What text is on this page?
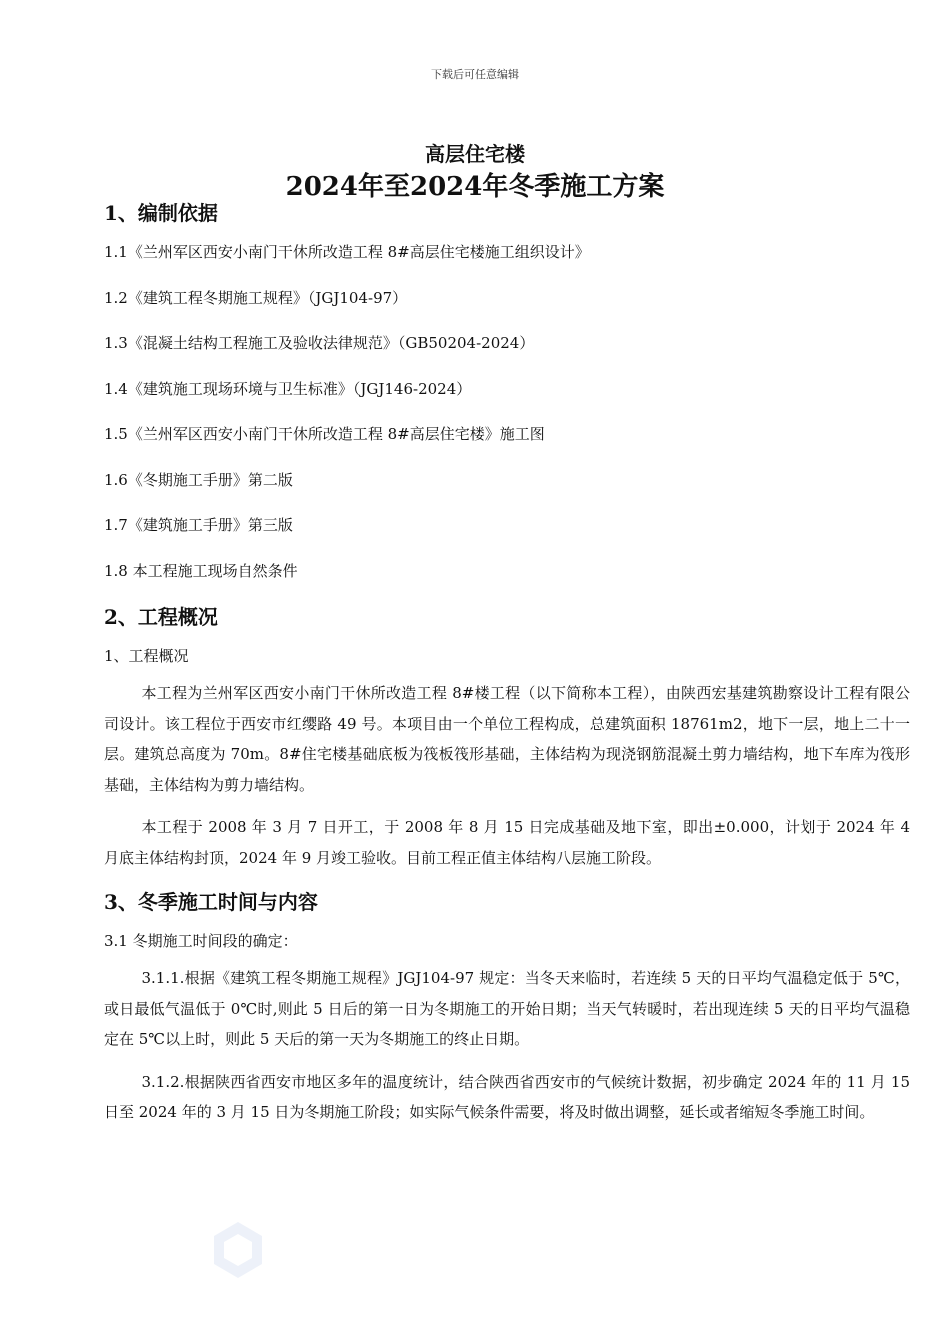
下载后可任意编辑
高层住宅楼
2024年至2024年冬季施工方案
1、编制依据
1.1《兰州军区西安小南门干休所改造工程 8#高层住宅楼施工组织设计》
1.2《建筑工程冬期施工规程》（JGJ104-97）
1.3《混凝土结构工程施工及验收法律规范》（GB50204-2024）
1.4《建筑施工现场环境与卫生标准》（JGJ146-2024）
1.5《兰州军区西安小南门干休所改造工程 8#高层住宅楼》施工图
1.6《冬期施工手册》第二版
1.7《建筑施工手册》第三版
1.8 本工程施工现场自然条件
2、工程概况
1、工程概况

本工程为兰州军区西安小南门干休所改造工程 8#楼工程（以下简称本工程），由陕西宏基建筑勘察设计工程有限公司设计。该工程位于西安市红缨路 49 号。本项目由一个单位工程构成，总建筑面积 18761m2，地下一层，地上二十一层。建筑总高度为 70m。8#住宅楼基础底板为筏板筏形基础，主体结构为现浇钢筋混凝土剪力墙结构，地下车库为筏形基础，主体结构为剪力墙结构。

本工程于 2008 年 3 月 7 日开工，于 2008 年 8 月 15 日完成基础及地下室，即出±0.000，计划于 2024 年 4 月底主体结构封顶，2024 年 9 月竣工验收。目前工程正值主体结构八层施工阶段。

3、冬季施工时间与内容
3.1 冬期施工时间段的确定：

3.1.1.根据《建筑工程冬期施工规程》JGJ104-97 规定：当冬天来临时，若连续 5 天的日平均气温稳定低于 5℃，或日最低气温低于 0℃时,则此 5 日后的第一日为冬期施工的开始日期；当天气转暖时，若出现连续 5 天的日平均气温稳定在 5℃以上时，则此 5 天后的第一天为冬期施工的终止日期。

3.1.2.根据陕西省西安市地区多年的温度统计，结合陕西省西安市的气候统计数据，初步确定 2024 年的 11 月 15 日至 2024 年的 3 月 15 日为冬期施工阶段；如实际气候条件需要，将及时做出调整，延长或者缩短冬季施工时间。
